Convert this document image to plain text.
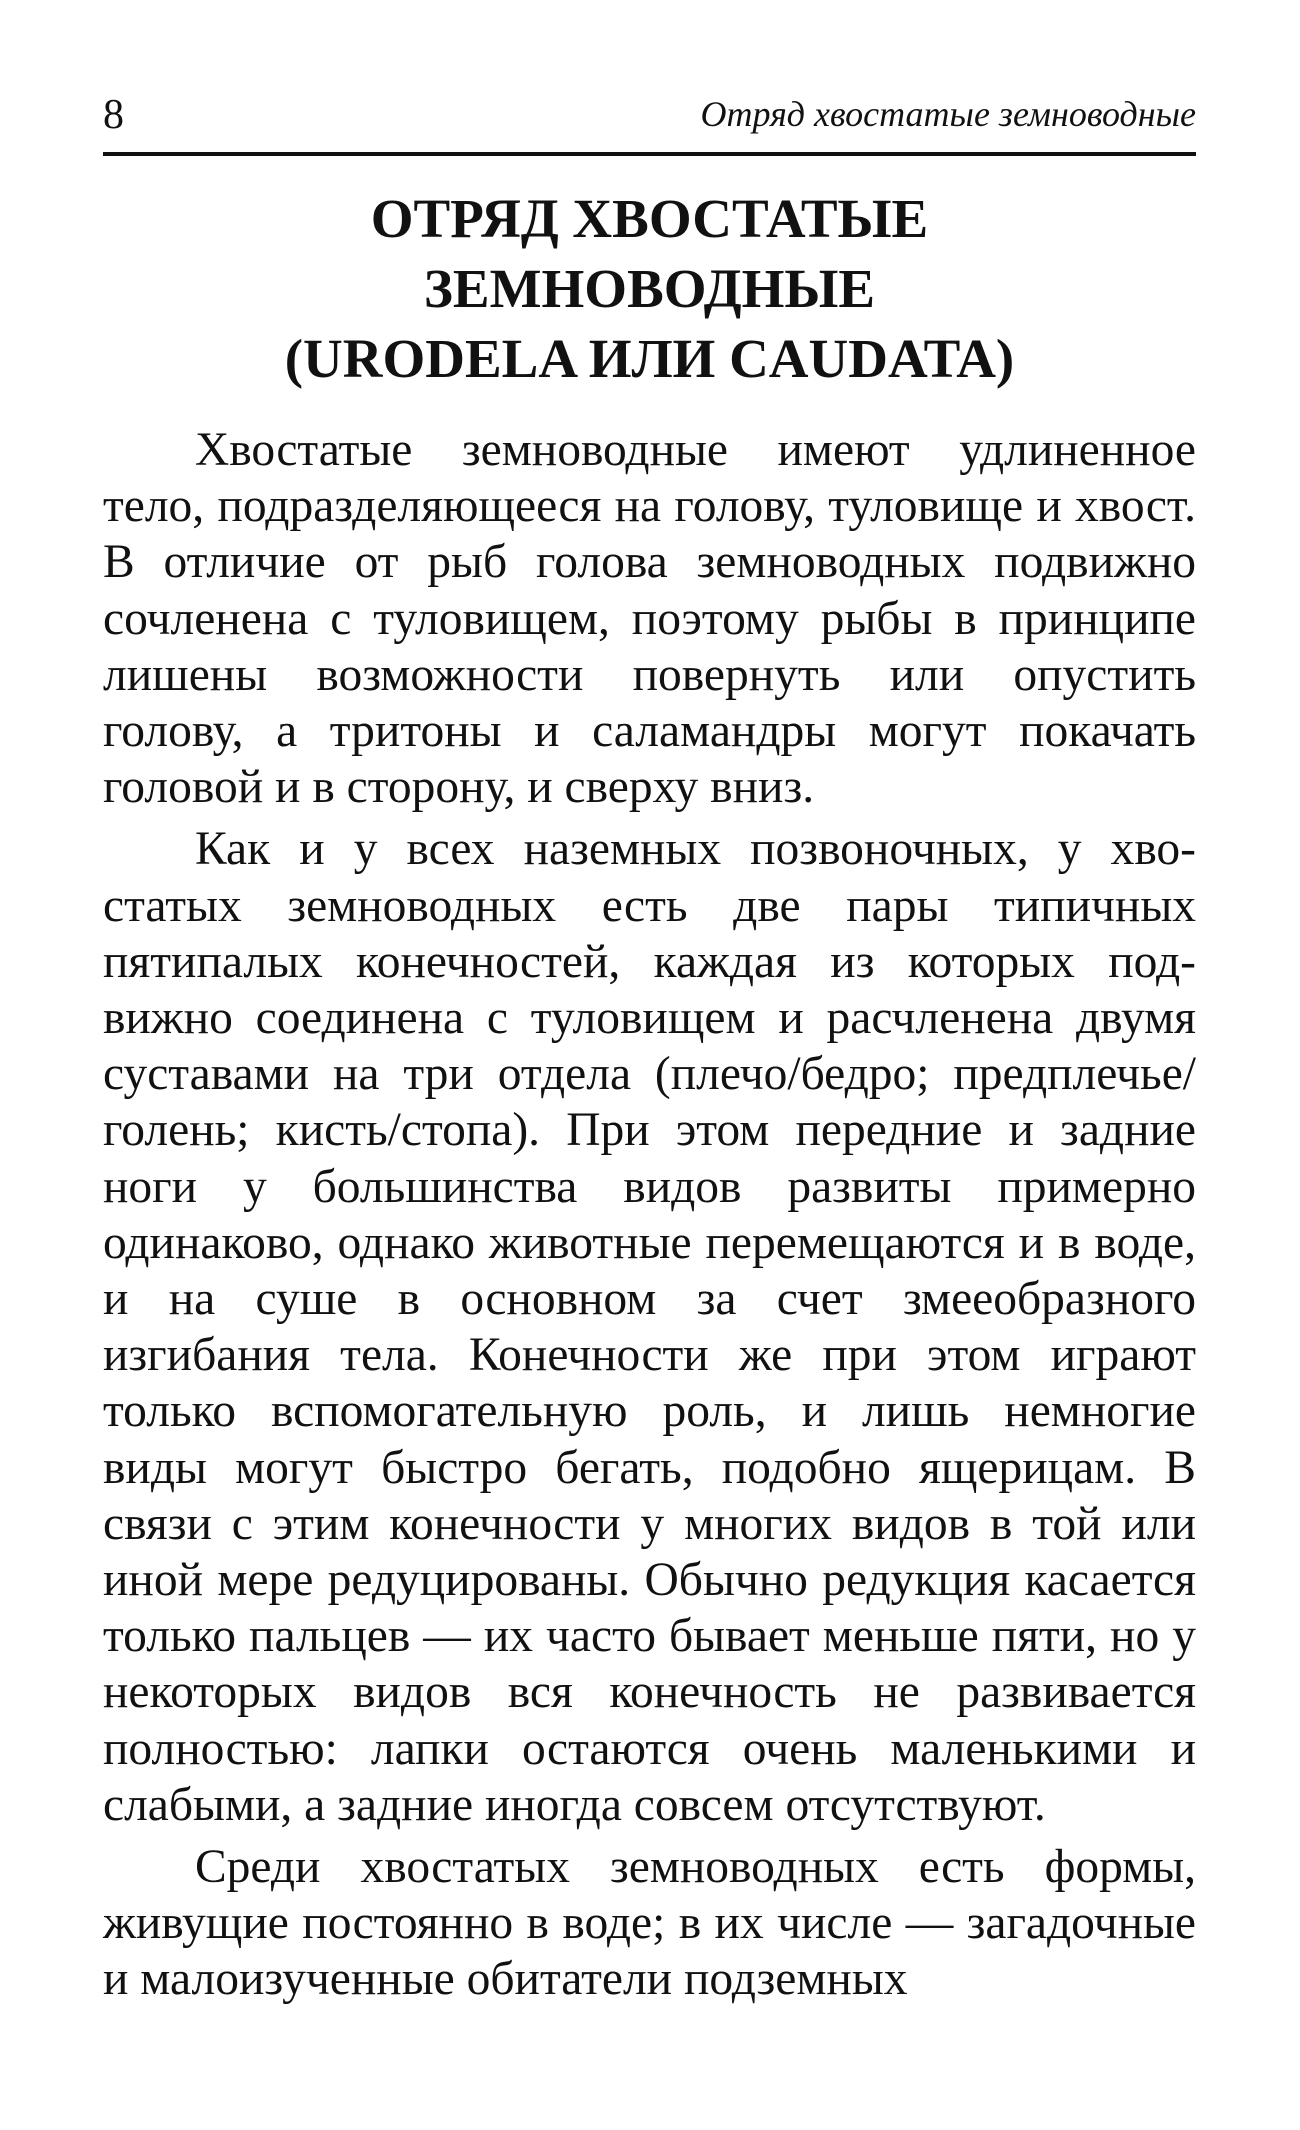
8	Отряд хвостатые земноводные
ОТРЯД ХВОСТАТЫЕ
ЗЕМНОВОДНЫЕ
(URODELA ИЛИ CAUDATA)

Хвостатые земноводные имеют удлиненное тело, подразделяющееся на голову, туловище и хвост. В отличие от рыб голова земноводных подвижно сочленена с туловищем, поэтому рыбы в принципе лишены возможности повернуть или опустить голову, а тритоны и саламандры могут покачать головой и в сторону, и сверху вниз.

Как и у всех наземных позвоночных, у хвостатых земноводных есть две пары типичных пятипалых конечностей, каждая из которых подвижно соединена с туловищем и расчленена двумя суставами на три отдела (плечо/бедро; предплечье/голень; кисть/стопа). При этом передние и задние ноги у большинства видов развиты примерно одинаково, однако животные перемещаются и в воде, и на суше в основном за счет змееобразного изгибания тела. Конечности же при этом играют только вспомогательную роль, и лишь немногие виды могут быстро бегать, подобно ящерицам. В связи с этим конечности у многих видов в той или иной мере редуцированы. Обычно редукция касается только пальцев — их часто бывает меньше пяти, но у некоторых видов вся конечность не развивается полностью: лапки остаются очень маленькими и слабыми, а задние иногда совсем отсутствуют.

Среди хвостатых земноводных есть формы, живущие постоянно в воде; в их числе — загадочные и малоизученные обитатели подземных
